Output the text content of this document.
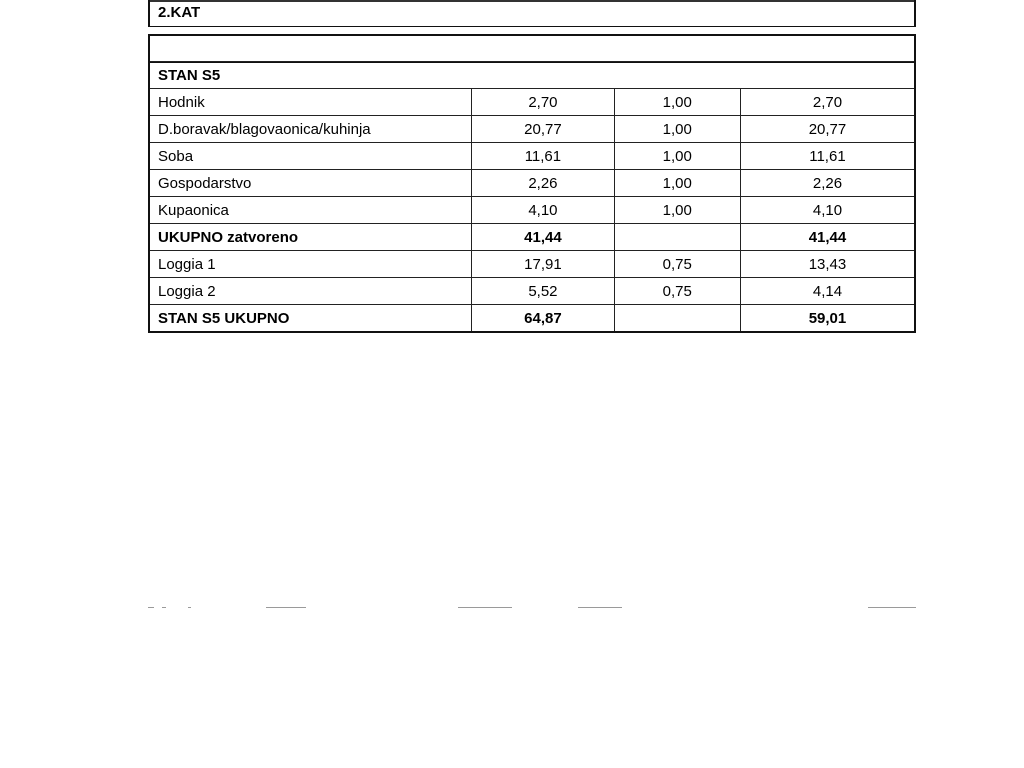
2.KAT
STAN S5			
Hodnik	2,70	1,00	2,70
D.boravak/blagovaonica/kuhinja	20,77	1,00	20,77
Soba	11,61	1,00	11,61
Gospodarstvo	2,26	1,00	2,26
Kupaonica	4,10	1,00	4,10
UKUPNO zatvoreno	41,44		41,44
Loggia 1	17,91	0,75	13,43
Loggia 2	5,52	0,75	4,14
STAN S5 UKUPNO	64,87		59,01
